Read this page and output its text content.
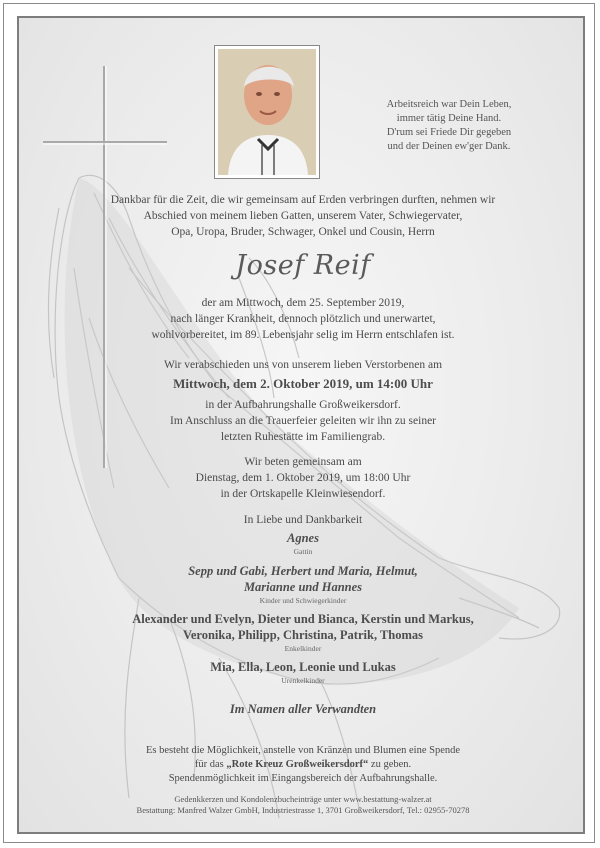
Arbeitsreich war Dein Leben,
immer tätig Deine Hand.
D'rum sei Friede Dir gegeben
und der Deinen ew'ger Dank.
Dankbar für die Zeit, die wir gemeinsam auf Erden verbringen durften, nehmen wir
Abschied von meinem lieben Gatten, unserem Vater, Schwiegervater,
Opa, Uropa, Bruder, Schwager, Onkel und Cousin, Herrn
Josef Reif
der am Mittwoch, dem 25. September 2019,
nach länger Krankheit, dennoch plötzlich und unerwartet,
wohlvorbereitet, im 89. Lebensjahr selig im Herrn entschlafen ist.
Wir verabschieden uns von unserem lieben Verstorbenen am
Mittwoch, dem 2. Oktober 2019, um 14:00 Uhr
in der Aufbahrungshalle Großweikersdorf.
Im Anschluss an die Trauerfeier geleiten wir ihn zu seiner
letzten Ruhestätte im Familiengrab.
Wir beten gemeinsam am
Dienstag, dem 1. Oktober 2019, um 18:00 Uhr
in der Ortskapelle Kleinwiesendorf.
In Liebe und Dankbarkeit
Agnes
Gattin
Sepp und Gabi, Herbert und Maria, Helmut,
Marianne und Hannes
Kinder und Schwiegerkinder
Alexander und Evelyn, Dieter und Bianca, Kerstin und Markus,
Veronika, Philipp, Christina, Patrik, Thomas
Enkelkinder
Mia, Ella, Leon, Leonie und Lukas
Urenkelkinder
Im Namen aller Verwandten
Es besteht die Möglichkeit, anstelle von Kränzen und Blumen eine Spende
für das „Rote Kreuz Großweikersdorf“ zu geben.
Spendenmöglichkeit im Eingangsbereich der Aufbahrungshalle.
Gedenkkerzen und Kondolenzbucheinträge unter www.bestattung-walzer.at
Bestattung: Manfred Walzer GmbH, Industriestrasse 1, 3701 Großweikersdorf, Tel.: 02955-70278
